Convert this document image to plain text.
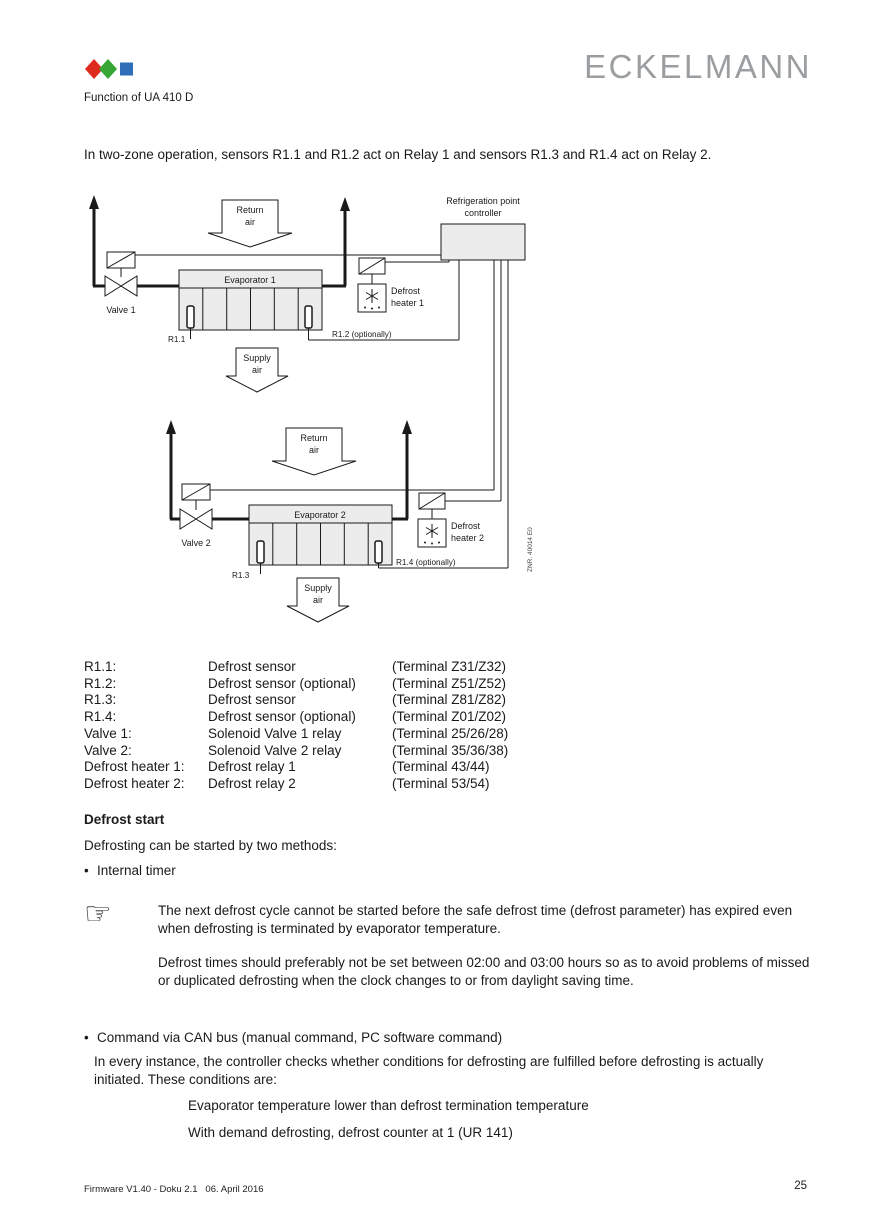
ECKELMANN
Function of UA 410 D
In two-zone operation, sensors R1.1 and R1.2 act on Relay 1 and sensors R1.3 and R1.4 act on Relay 2.
Return
air
Valve 1
Evaporator 1
R1.1
R1.2 (optionally)
Defrost
heater 1
Supply
air
Refrigeration point
controller
Return
air
Valve 2
Evaporator 2
R1.3
R1.4 (optionally)
Defrost
heater 2
Supply
air
ZNR. 40014 E0
R1.1:	Defrost sensor	(Terminal Z31/Z32)
R1.2:	Defrost sensor (optional)	(Terminal Z51/Z52)
R1.3:	Defrost sensor	(Terminal Z81/Z82)
R1.4:	Defrost sensor (optional)	(Terminal Z01/Z02)
Valve 1:	Solenoid Valve 1 relay	(Terminal 25/26/28)
Valve 2:	Solenoid Valve 2 relay	(Terminal 35/36/38)
Defrost heater 1:	Defrost relay 1	(Terminal 43/44)
Defrost heater 2:	Defrost relay 2	(Terminal 53/54)
Defrost start
Defrosting can be started by two methods:
• Internal timer
☞	The next defrost cycle cannot be started before the safe defrost time (defrost parameter) has expired even when defrosting is terminated by evaporator temperature.

Defrost times should preferably not be set between 02:00 and 03:00 hours so as to avoid problems of missed or duplicated defrosting when the clock changes to or from daylight saving time.

• Command via CAN bus (manual command, PC software command)
In every instance, the controller checks whether conditions for defrosting are fulfilled before defrosting is actually initiated. These conditions are:
Evaporator temperature lower than defrost termination temperature
With demand defrosting, defrost counter at 1 (UR 141)
Firmware V1.40 - Doku 2.1   06. April 2016	25
